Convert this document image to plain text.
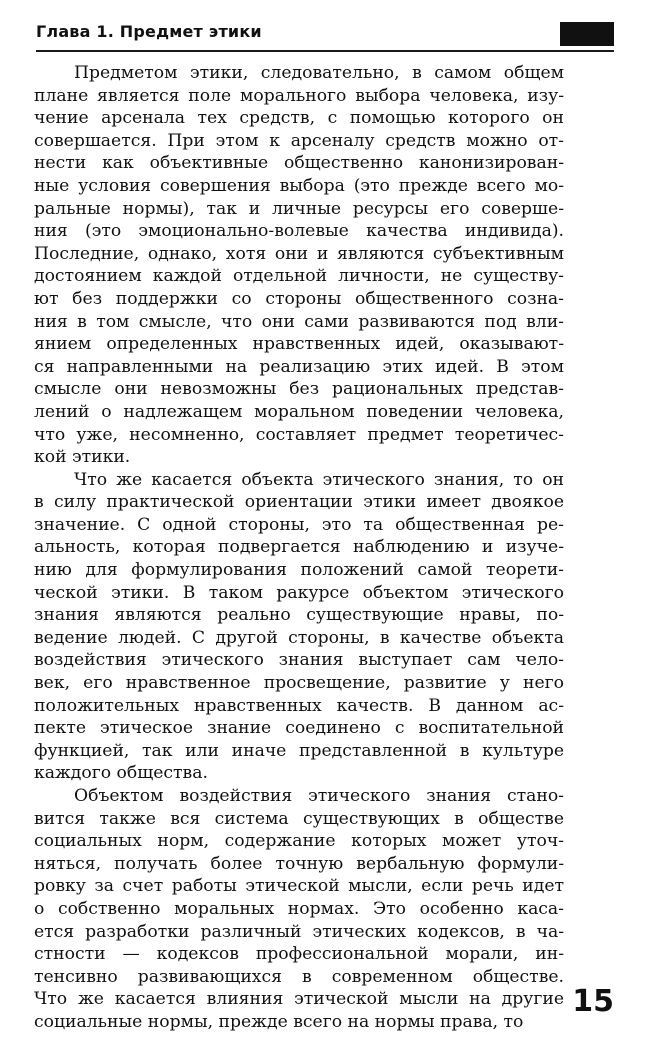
Глава 1. Предмет этики
Предметом этики, следовательно, в самом общем
плане является поле морального выбора человека, изу-
чение арсенала тех средств, с помощью которого он
совершается. При этом к арсеналу средств можно от-
нести как объективные общественно канонизирован-
ные условия совершения выбора (это прежде всего мо-
ральные нормы), так и личные ресурсы его соверше-
ния (это эмоционально-волевые качества индивида).
Последние, однако, хотя они и являются субъективным
достоянием каждой отдельной личности, не существу-
ют без поддержки со стороны общественного созна-
ния в том смысле, что они сами развиваются под вли-
янием определенных нравственных идей, оказывают-
ся направленными на реализацию этих идей. В этом
смысле они невозможны без рациональных представ-
лений о надлежащем моральном поведении человека,
что уже, несомненно, составляет предмет теоретичес-
кой этики.
Что же касается объекта этического знания, то он
в силу практической ориентации этики имеет двоякое
значение. С одной стороны, это та общественная ре-
альность, которая подвергается наблюдению и изуче-
нию для формулирования положений самой теорети-
ческой этики. В таком ракурсе объектом этического
знания являются реально существующие нравы, по-
ведение людей. С другой стороны, в качестве объекта
воздействия этического знания выступает сам чело-
век, его нравственное просвещение, развитие у него
положительных нравственных качеств. В данном ас-
пекте этическое знание соединено с воспитательной
функцией, так или иначе представленной в культуре
каждого общества.
Объектом воздействия этического знания стано-
вится также вся система существующих в обществе
социальных норм, содержание которых может уточ-
няться, получать более точную вербальную формули-
ровку за счет работы этической мысли, если речь идет
о собственно моральных нормах. Это особенно каса-
ется разработки различный этических кодексов, в ча-
стности — кодексов профессиональной морали, ин-
тенсивно развивающихся в современном обществе.
Что же касается влияния этической мысли на другие
социальные нормы, прежде всего на нормы права, то
15
